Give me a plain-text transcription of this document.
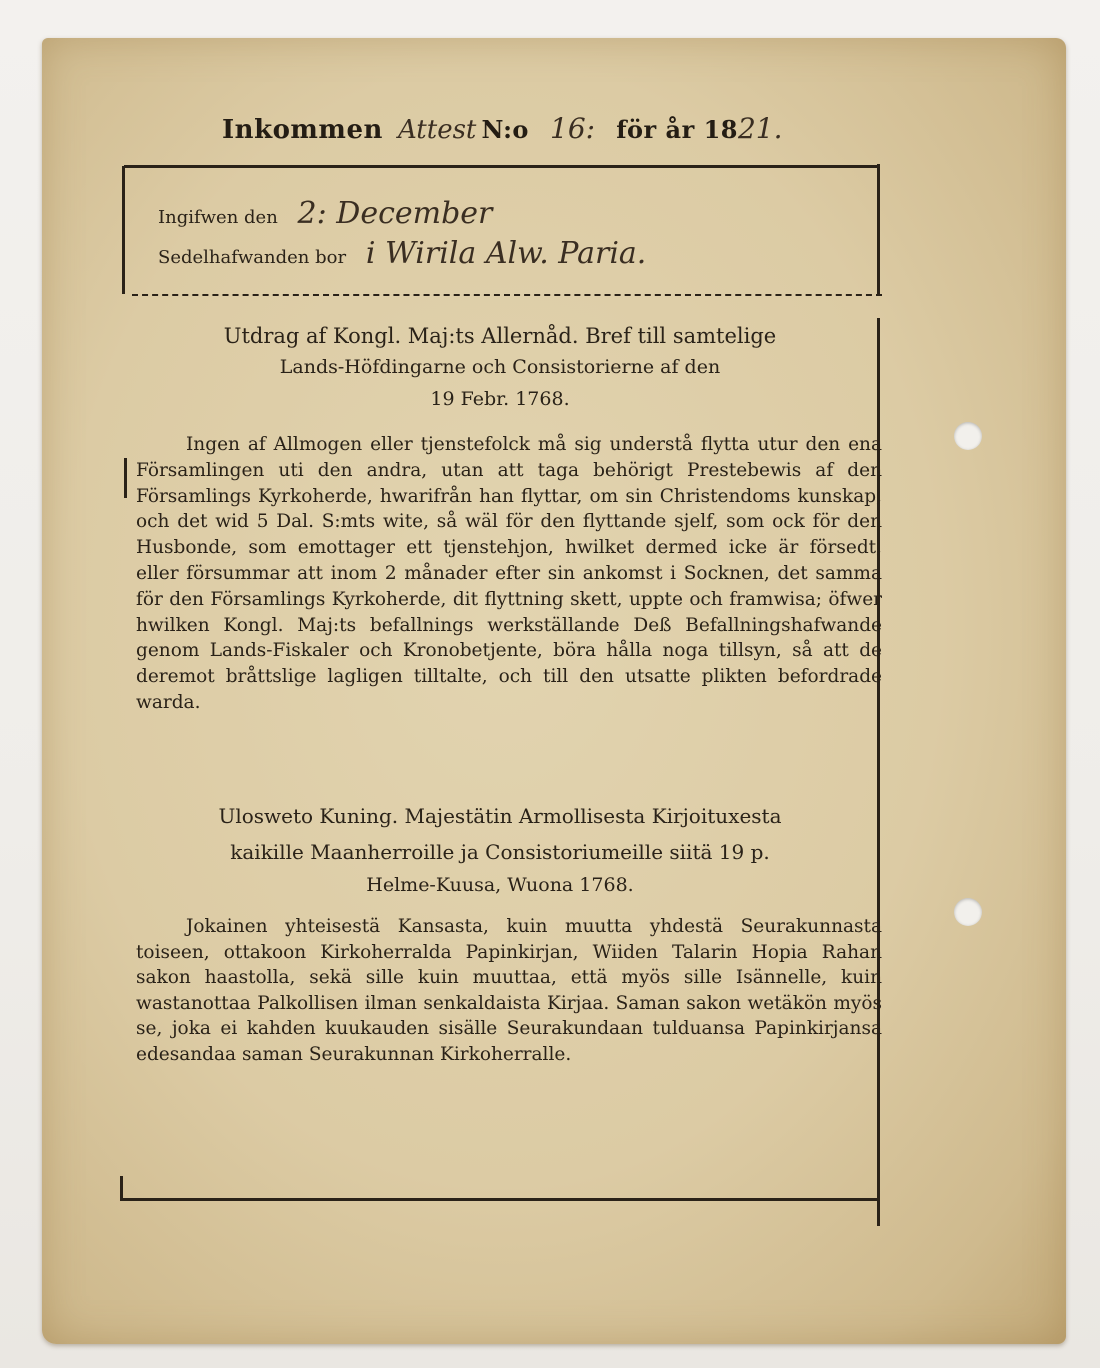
Inkommen Attest N:o 16: för år 1821.
Ingifwen den 2: December
Sedelhafwanden bor i Wirila Alw. Paria.
Utdrag af Kongl. Maj:ts Allernåd. Bref till samtelige
Lands-Höfdingarne och Consistorierne af den
19 Febr. 1768.

Ingen af Allmogen eller tjenstefolck må sig understå flytta utur den ena Församlingen uti den andra, utan att taga behörigt Prestebewis af den Församlings Kyrkoherde, hwarifrån han flyttar, om sin Christendoms kunskap, och det wid 5 Dal. S:mts wite, så wäl för den flyttande sjelf, som ock för den Husbonde, som emottager ett tjenstehjon, hwilket dermed icke är försedt, eller försummar att inom 2 månader efter sin ankomst i Socknen, det samma för den Församlings Kyrkoherde, dit flyttning skett, uppte och framwisa; öfwer hwilken Kongl. Maj:ts befallnings werkställande Deß Befallningshafwande genom Lands-Fiskaler och Kronobetjente, böra hålla noga tillsyn, så att de deremot bråttslige lagligen tilltalte, och till den utsatte plikten befordrade warda.

Ulosweto Kuning. Majestätin Armollisesta Kirjoituxesta
kaikille Maanherroille ja Consistoriumeille siitä 19 p.
Helme-Kuusa, Wuona 1768.

Jokainen yhteisestä Kansasta, kuin muutta yhdestä Seurakunnasta toiseen, ottakoon Kirkoherralda Papinkirjan, Wiiden Talarin Hopia Rahan sakon haastolla, sekä sille kuin muuttaa, että myös sille Isännelle, kuin wastanottaa Palkollisen ilman senkaldaista Kirjaa. Saman sakon wetäkön myös se, joka ei kahden kuukauden sisälle Seurakundaan tulduansa Papinkirjansa edesandaa saman Seurakunnan Kirkoherralle.
